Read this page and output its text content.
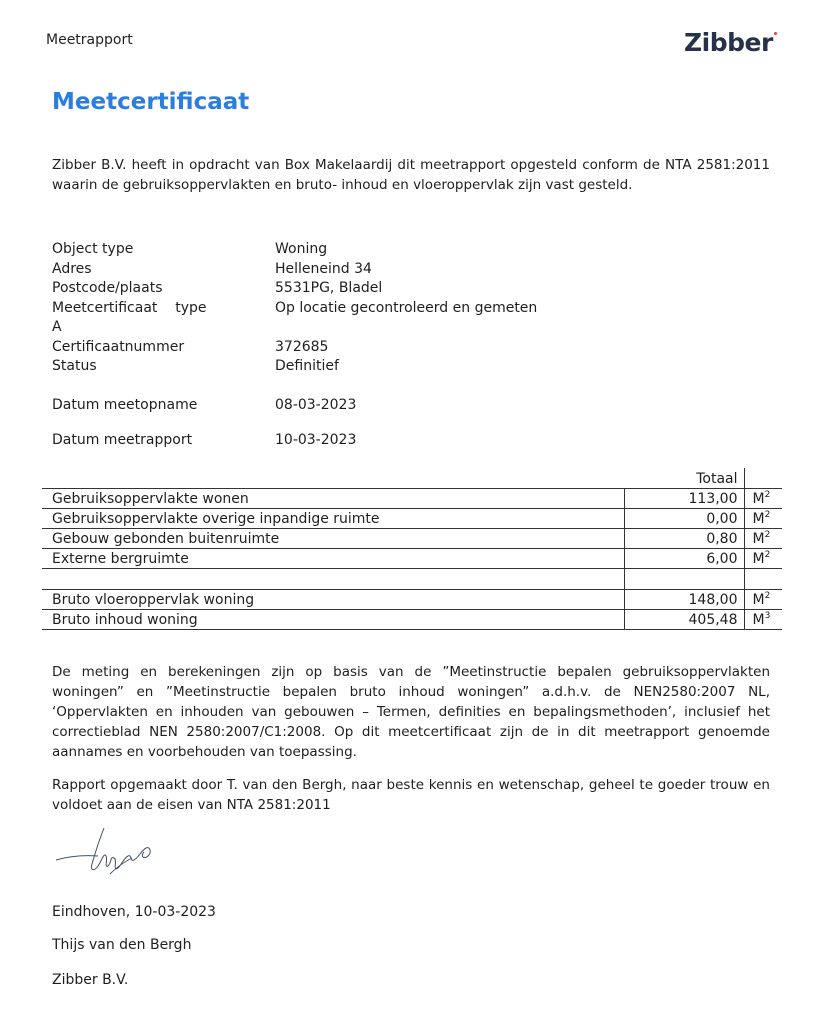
Meetrapport	Zibber
Meetcertificaat
Zibber B.V. heeft in opdracht van Box Makelaardij dit meetrapport opgesteld conform de NTA 2581:2011 waarin de gebruiksoppervlakten en bruto- inhoud en vloeroppervlak zijn vast gesteld.
Object type	Woning
Adres	Helleneind 34
Postcode/plaats	5531PG, Bladel
Meetcertificaat    type	Op locatie gecontroleerd en gemeten
A
Certificaatnummer	372685
Status	Definitief
Datum meetopname	08-03-2023
Datum meetrapport	10-03-2023
	Totaal	
Gebruiksoppervlakte wonen	113,00	$M^2$
Gebruiksoppervlakte overige inpandige ruimte	0,00	$M^2$
Gebouw gebonden buitenruimte	0,80	$M^2$
Externe bergruimte	6,00	$M^2$

Bruto vloeroppervlak woning	148,00	$M^2$
Bruto inhoud woning	405,48	$M^3$
De meting en berekeningen zijn op basis van de ”Meetinstructie bepalen gebruiksoppervlakten woningen” en ”Meetinstructie bepalen bruto inhoud woningen” a.d.h.v. de NEN2580:2007 NL, ‘Oppervlakten en inhouden van gebouwen – Termen, definities en bepalingsmethoden’, inclusief het correctieblad NEN 2580:2007/C1:2008. Op dit meetcertificaat zijn de in dit meetrapport genoemde aannames en voorbehouden van toepassing.
Rapport opgemaakt door T. van den Bergh, naar beste kennis en wetenschap, geheel te goeder trouw en voldoet aan de eisen van NTA 2581:2011
Eindhoven, 10-03-2023
Thijs van den Bergh
Zibber B.V.
